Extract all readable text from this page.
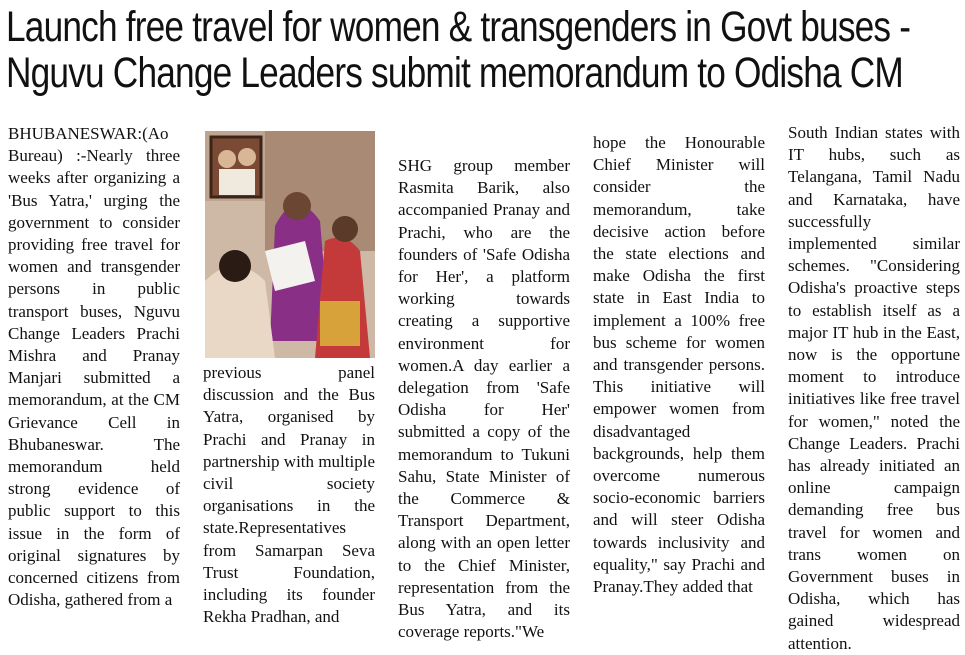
Launch free travel for women & transgenders in Govt buses -
Nguvu Change Leaders submit memorandum to Odisha CM

BHUBANESWAR:(Ao Bureau) :-Nearly three weeks after organizing a 'Bus Yatra,' urging the government to consider providing free travel for women and transgender persons in public transport buses, Nguvu Change Leaders Prachi Mishra and Pranay Manjari submitted a memorandum, at the CM Grievance Cell in Bhubaneswar. The memorandum held strong evidence of public support to this issue in the form of original signatures by concerned citizens from Odisha, gathered from a

previous panel discussion and the Bus Yatra, organised by Prachi and Pranay in partnership with multiple civil society organisations in the state.Representatives from Samarpan Seva Trust Foundation, including its founder Rekha Pradhan, and

SHG group member Rasmita Barik, also accompanied Pranay and Prachi, who are the founders of 'Safe Odisha for Her', a platform working towards creating a supportive environment for women.A day earlier a delegation from 'Safe Odisha for Her' submitted a copy of the memorandum to Tukuni Sahu, State Minister of the Commerce & Transport Department, along with an open letter to the Chief Minister, representation from the Bus Yatra, and its coverage reports."We

hope the Honourable Chief Minister will consider the memorandum, take decisive action before the state elections and make Odisha the first state in East India to implement a 100% free bus scheme for women and transgender persons. This initiative will empower women from disadvantaged backgrounds, help them overcome numerous socio-economic barriers and will steer Odisha towards inclusivity and equality," say Prachi and Pranay.They added that

South Indian states with IT hubs, such as Telangana, Tamil Nadu and Karnataka, have successfully implemented similar schemes. "Considering Odisha's proactive steps to establish itself as a major IT hub in the East, now is the opportune moment to introduce initiatives like free travel for women," noted the Change Leaders. Prachi has already initiated an online campaign demanding free bus travel for women and trans women on Government buses in Odisha, which has gained widespread attention.
